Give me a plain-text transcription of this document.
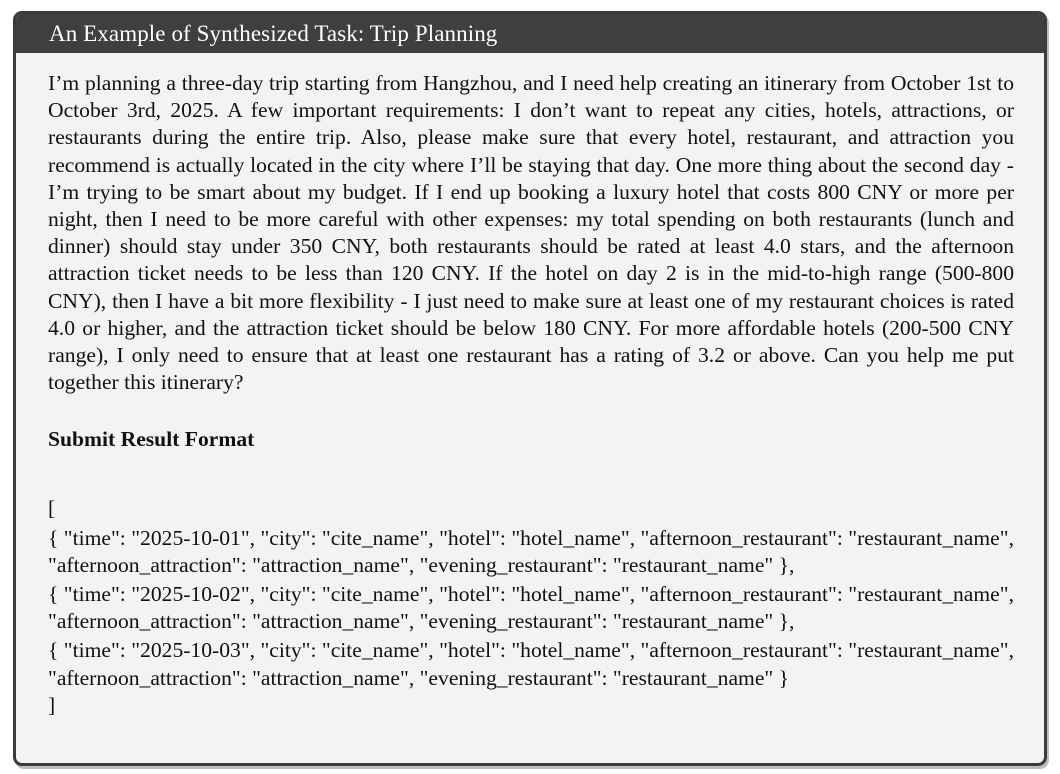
An Example of Synthesized Task: Trip Planning

I’m planning a three-day trip starting from Hangzhou, and I need help creating an itinerary from October 1st to October 3rd, 2025. A few important requirements: I don’t want to repeat any cities, hotels, attractions, or restaurants during the entire trip. Also, please make sure that every hotel, restaurant, and attraction you recommend is actually located in the city where I’ll be staying that day. One more thing about the second day - I’m trying to be smart about my budget. If I end up booking a luxury hotel that costs 800 CNY or more per night, then I need to be more careful with other expenses: my total spending on both restaurants (lunch and dinner) should stay under 350 CNY, both restaurants should be rated at least 4.0 stars, and the afternoon attraction ticket needs to be less than 120 CNY. If the hotel on day 2 is in the mid-to-high range (500-800 CNY), then I have a bit more flexibility - I just need to make sure at least one of my restaurant choices is rated 4.0 or higher, and the attraction ticket should be below 180 CNY. For more affordable hotels (200-500 CNY range), I only need to ensure that at least one restaurant has a rating of 3.2 or above. Can you help me put together this itinerary?

Submit Result Format
[
{ "time": "2025-10-01", "city": "cite_name", "hotel": "hotel_name", "afternoon_restaurant": "restaurant_name", "afternoon_attraction": "attraction_name", "evening_restaurant": "restaurant_name" },
{ "time": "2025-10-02", "city": "cite_name", "hotel": "hotel_name", "afternoon_restaurant": "restaurant_name", "afternoon_attraction": "attraction_name", "evening_restaurant": "restaurant_name" },
{ "time": "2025-10-03", "city": "cite_name", "hotel": "hotel_name", "afternoon_restaurant": "restaurant_name", "afternoon_attraction": "attraction_name", "evening_restaurant": "restaurant_name" }
]
